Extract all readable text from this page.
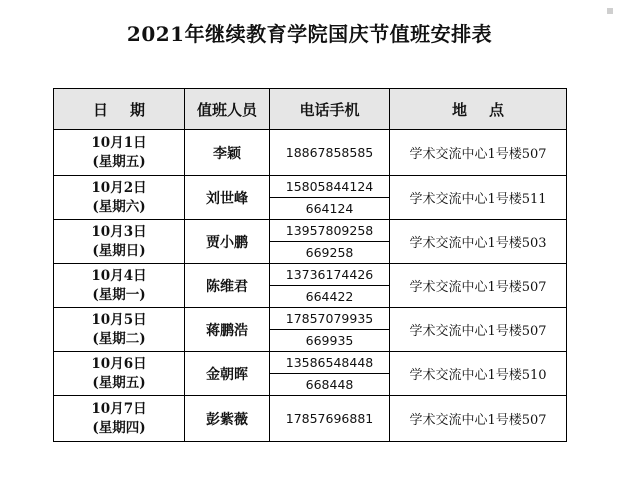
2021年继续教育学院国庆节值班安排表
日期	值班人员	电话手机	地点

10月1日
(星期五)	李颖	18867858585	学术交流中心1号楼507

10月2日
(星期六)	刘世峰	15805844124	学术交流中心1号楼511
		664124	

10月3日
(星期日)	贾小鹏	13957809258	学术交流中心1号楼503
		669258	

10月4日
(星期一)	陈维君	13736174426	学术交流中心1号楼507
		664422	

10月5日
(星期二)	蒋鹏浩	17857079935	学术交流中心1号楼507
		669935	

10月6日
(星期五)	金朝晖	13586548448	学术交流中心1号楼510
		668448	

10月7日
(星期四)	彭紫薇	17857696881	学术交流中心1号楼507
